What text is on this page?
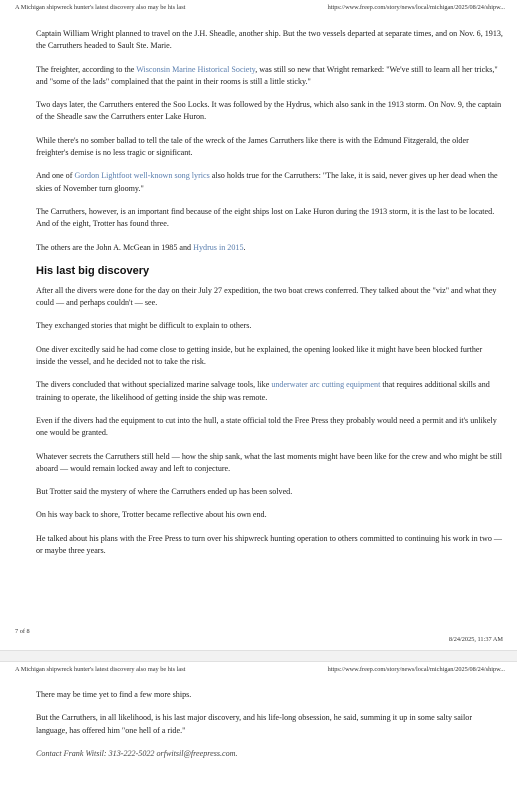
A Michigan shipwreck hunter's latest discovery also may be his last	https://www.freep.com/story/news/local/michigan/2025/08/24/shipw...

Captain William Wright planned to travel on the J.H. Sheadle, another ship. But the two vessels departed at separate times, and on Nov. 6, 1913, the Carruthers headed to Sault Ste. Marie.

The freighter, according to the Wisconsin Marine Historical Society, was still so new that Wright remarked: "We've still to learn all her tricks," and "some of the lads" complained that the paint in their rooms is still a little sticky."

Two days later, the Carruthers entered the Soo Locks. It was followed by the Hydrus, which also sank in the 1913 storm. On Nov. 9, the captain of the Sheadle saw the Carruthers enter Lake Huron.

While there's no somber ballad to tell the tale of the wreck of the James Carruthers like there is with the Edmund Fitzgerald, the older freighter's demise is no less tragic or significant.

And one of Gordon Lightfoot well-known song lyrics also holds true for the Carruthers: "The lake, it is said, never gives up her dead when the skies of November turn gloomy."

The Carruthers, however, is an important find because of the eight ships lost on Lake Huron during the 1913 storm, it is the last to be located. And of the eight, Trotter has found three.

The others are the John A. McGean in 1985 and Hydrus in 2015.

His last big discovery

After all the divers were done for the day on their July 27 expedition, the two boat crews conferred. They talked about the "viz" and what they could — and perhaps couldn't — see.

They exchanged stories that might be difficult to explain to others.

One diver excitedly said he had come close to getting inside, but he explained, the opening looked like it might have been blocked further inside the vessel, and he decided not to take the risk.

The divers concluded that without specialized marine salvage tools, like underwater arc cutting equipment that requires additional skills and training to operate, the likelihood of getting inside the ship was remote.

Even if the divers had the equipment to cut into the hull, a state official told the Free Press they probably would need a permit and it's unlikely one would be granted.

Whatever secrets the Carruthers still held — how the ship sank, what the last moments might have been like for the crew and who might be still aboard — would remain locked away and left to conjecture.

But Trotter said the mystery of where the Carruthers ended up has been solved.

On his way back to shore, Trotter became reflective about his own end.

He talked about his plans with the Free Press to turn over his shipwreck hunting operation to others committed to continuing his work in two — or maybe three years.

7 of 8
8/24/2025, 11:37 AM
A Michigan shipwreck hunter's latest discovery also may be his last	https://www.freep.com/story/news/local/michigan/2025/08/24/shipw...

There may be time yet to find a few more ships.

But the Carruthers, in all likelihood, is his last major discovery, and his life-long obsession, he said, summing it up in some salty sailor language, has offered him "one hell of a ride."

Contact Frank Witsil: 313-222-5022 orfwitsil@freepress.com.
